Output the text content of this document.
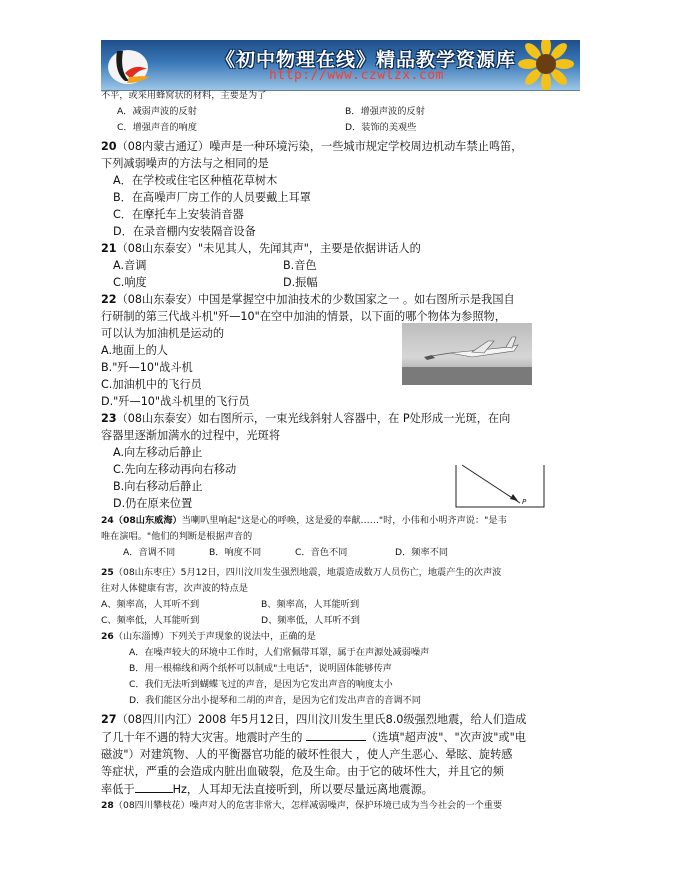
《初中物理在线》精品教学资源库
http://www.czwlzx.com
不平，或采用蜂窝状的材料，主要是为了
A．减弱声波的反射	B．增强声波的反射
C．增强声音的响度	D．装饰的美观些
20（08内蒙古通辽）噪声是一种环境污染，一些城市规定学校周边机动车禁止鸣笛，
下列减弱噪声的方法与之相同的是
A．在学校或住宅区种植花草树木
B．在高噪声厂房工作的人员要戴上耳罩
C．在摩托车上安装消音器
D．在录音棚内安装隔音设备
21（08山东泰安）"未见其人，先闻其声"，主要是依据讲话人的
A.音调	B.音色
C.响度	D.振幅
22（08山东泰安）中国是掌握空中加油技术的少数国家之一 。如右图所示是我国自
行研制的第三代战斗机"歼—10"在空中加油的情景，以下面的哪个物体为参照物，
可以认为加油机是运动的
A.地面上的人
B."歼—10"战斗机
C.加油机中的飞行员
D."歼—10"战斗机里的飞行员
23（08山东泰安）如右图所示，一束光线斜射人容器中，在 P处形成一光斑，在向
容器里逐渐加满水的过程中，光斑将
A.向左移动后静止
C.先向左移动再向右移动
B.向右移动后静止
D.仍在原来位置
24（08山东威海）当喇叭里响起"这是心的呼唤，这是爱的奉献……"时，小伟和小明齐声说："是韦
唯在演唱。"他们的判断是根据声音的
A．音调不同	B．响度不同	C．音色不同	D．频率不同
25（08山东枣庄）5月12日，四川汶川发生强烈地震，地震造成数万人员伤亡，地震产生的次声波
往对人体健康有害，次声波的特点是
A、频率高，人耳听不到	B、频率高，人耳能听到
C、频率低，人耳能听到	D、频率低，人耳听不到
26（山东淄博）下列关于声现象的说法中，正确的是
A．在噪声较大的环境中工作时，人们常佩带耳罩，属于在声源处减弱噪声
B．用一根棉线和两个纸杯可以制成"土电话"，说明固体能够传声
C．我们无法听到蝴蝶飞过的声音，是因为它发出声音的响度太小
D．我们能区分出小提琴和二胡的声音，是因为它们发出声音的音调不同
27（08四川内江）2008 年5月12日，四川汶川发生里氏8.0级强烈地震，给人们造成
了几十年不遇的特大灾害。地震时产生的	（选填"超声波"、"次声波"或"电
磁波"）对建筑物、人的平衡器官功能的破坏性很大 ，使人产生恶心、晕眩、旋转感
等症状，严重的会造成内脏出血破裂，危及生命。由于它的破坏性大，并且它的频
率低于	Hz，人耳却无法直接听到，所以要尽量远离地震源。
28（08四川攀枝花）噪声对人的危害非常大，怎样减弱噪声，保护环境已成为当今社会的一个重要
P
